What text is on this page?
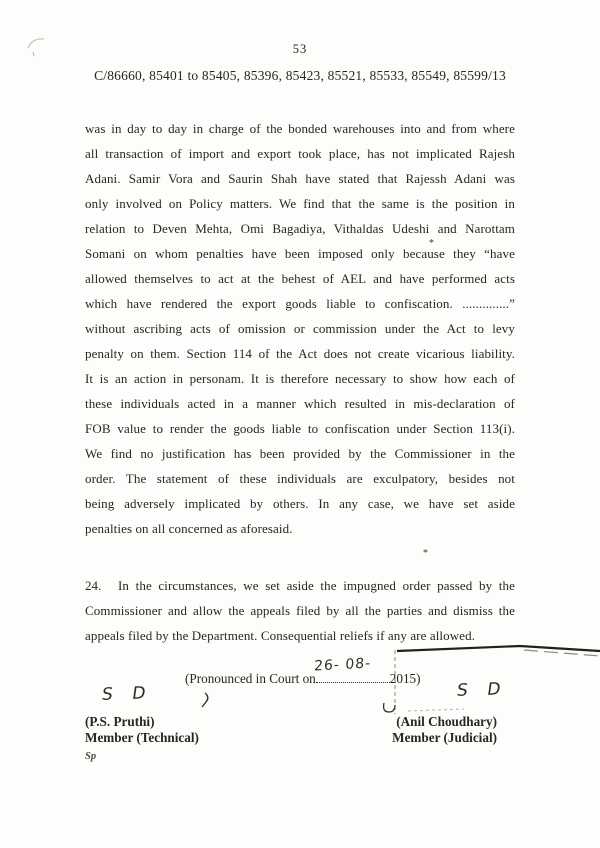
53
C/86660, 85401 to 85405, 85396, 85423, 85521, 85533, 85549, 85599/13
was in day to day in charge of the bonded warehouses into and from where
all transaction of import and export took place, has not implicated Rajesh
Adani. Samir Vora and Saurin Shah have stated that Rajessh Adani was
only involved on Policy matters. We find that the same is the position in
relation to Deven Mehta, Omi Bagadiya, Vithaldas Udeshi and Narottam
Somani on whom penalties have been imposed only because they “have
allowed themselves to act at the behest of AEL and have performed acts
which have rendered the export goods liable to confiscation. ..............”
without ascribing acts of omission or commission under the Act to levy
penalty on them. Section 114 of the Act does not create vicarious liability.
It is an action in personam. It is therefore necessary to show how each of
these individuals acted in a manner which resulted in mis-declaration of
FOB value to render the goods liable to confiscation under Section 113(i).
We find no justification has been provided by the Commissioner in the
order. The statement of these individuals are exculpatory, besides not
being adversely implicated by others. In any case, we have set aside
penalties on all concerned as aforesaid.
24.	In the circumstances, we set aside the impugned order passed by the
Commissioner and allow the appeals filed by all the parties and dismiss the
appeals filed by the Department. Consequential reliefs if any are allowed.
(Pronounced in Court on
26- 08-
2015)
S D	S D
(P.S. Pruthi)
Member (Technical)
(Anil Choudhary)
Member (Judicial)
Sp
*
*
